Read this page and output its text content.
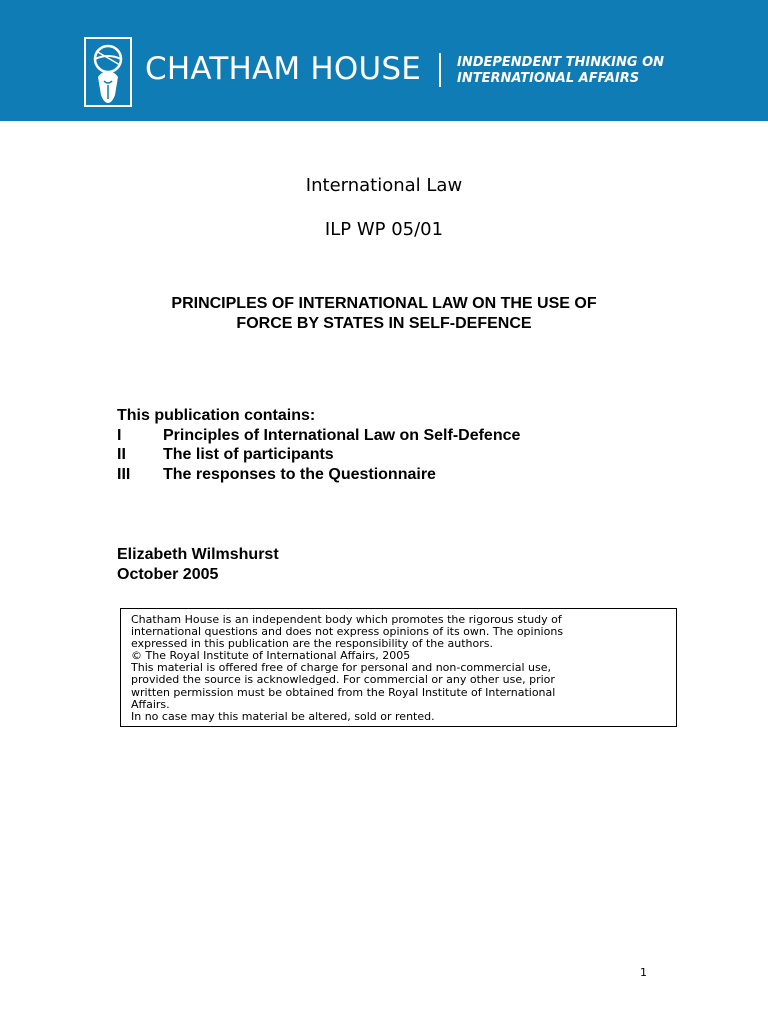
CHATHAM HOUSE	INDEPENDENT THINKING ON
INTERNATIONAL AFFAIRS
International Law
ILP WP 05/01
PRINCIPLES OF INTERNATIONAL LAW ON THE USE OF
FORCE BY STATES IN SELF-DEFENCE
This publication contains:
I	Principles of International Law on Self-Defence
II The list of participants
III The responses to the Questionnaire
Elizabeth Wilmshurst
October 2005
Chatham House is an independent body which promotes the rigorous study of
international questions and does not express opinions of its own. The opinions
expressed in this publication are the responsibility of the authors.
© The Royal Institute of International Affairs, 2005
This material is offered free of charge for personal and non-commercial use,
provided the source is acknowledged. For commercial or any other use, prior
written permission must be obtained from the Royal Institute of International
Affairs.
In no case may this material be altered, sold or rented.
1
